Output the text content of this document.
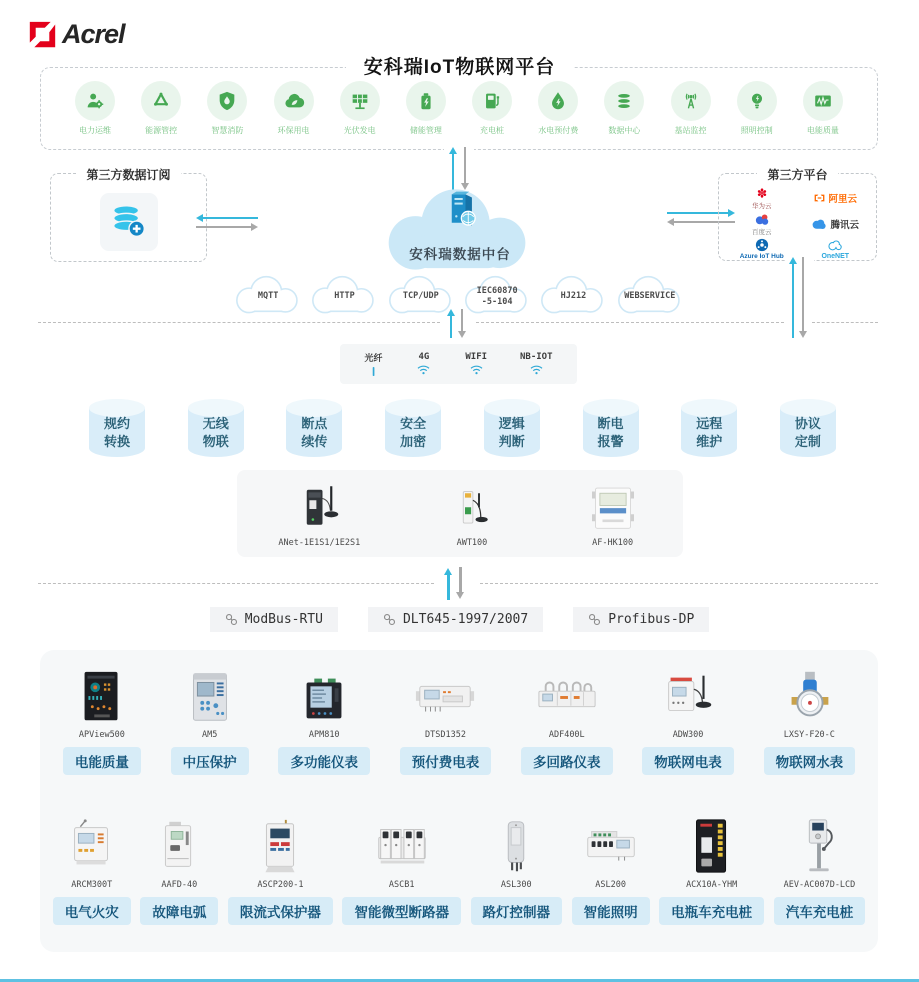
Acrel
安科瑞IoT物联网平台
电力运维	能源管控	智慧消防	环保用电	光伏发电	储能管理	充电桩	水电预付费	数据中心	基站监控	照明控制	电能质量
第三方数据订阅
安科瑞数据中台
第三方平台
华为云
阿里云
百度云
腾讯云
Azure IoT Hub	OneNET
MQTT	HTTP	TCP/UDP
IEC60870
-5-104
HJ212	WEBSERVICE
光纤	4G	WIFI	NB-IOT
规约
转换
无线
物联
断点
续传
安全
加密
逻辑
判断
断电
报警
远程
维护
协议
定制
ANet-1E1S1/1E2S1	AWT100	AF-HK100
ModBus-RTU	DLT645-1997/2007	Profibus-DP
APView500
电能质量
AM5
中压保护
APM810
多功能仪表
DTSD1352
预付费电表
ADF400L
多回路仪表
ADW300
物联网电表
LXSY-F20-C
物联网水表
ARCM300T
电气火灾
AAFD-40
故障电弧
ASCP200-1
限流式保护器
ASCB1
智能微型断路器
ASL300
路灯控制器
ASL200
智能照明
ACX10A-YHM
电瓶车充电桩
AEV-AC007D-LCD
汽车充电桩
